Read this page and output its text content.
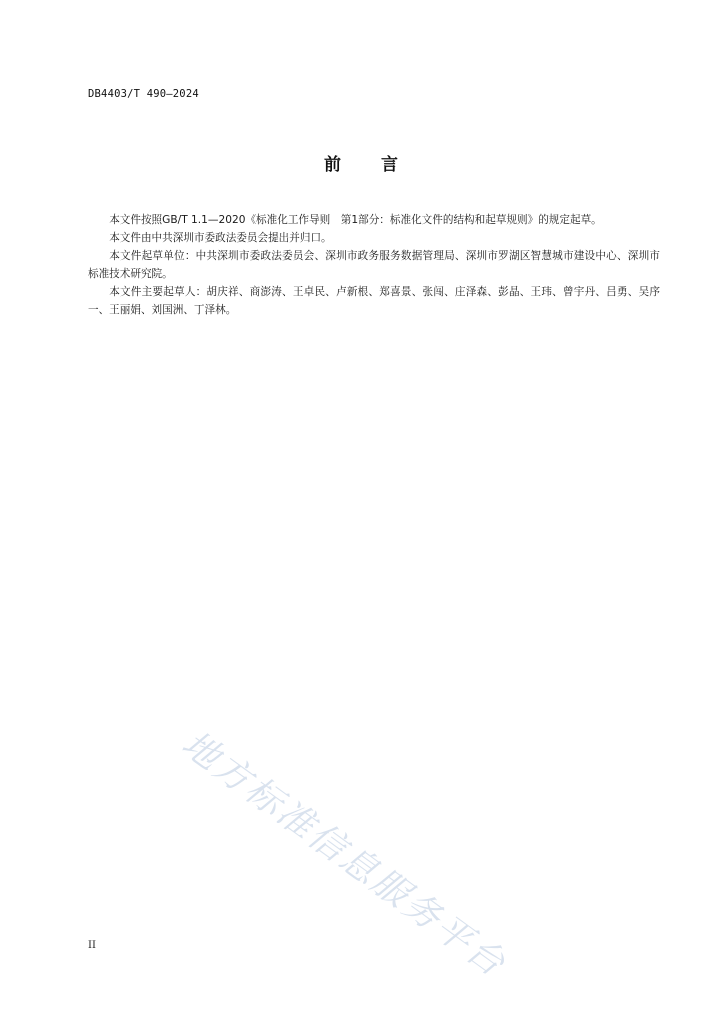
DB4403/T 490—2024
前　　言

本文件按照GB/T 1.1—2020《标准化工作导则　第1部分：标准化文件的结构和起草规则》的规定起草。

本文件由中共深圳市委政法委员会提出并归口。

本文件起草单位：中共深圳市委政法委员会、深圳市政务服务数据管理局、深圳市罗湖区智慧城市建设中心、深圳市标准技术研究院。

本文件主要起草人：胡庆祥、商澎涛、王卓民、卢新根、郑喜景、张闯、庄泽森、彭晶、王玮、曾宇丹、吕勇、吴序一、王丽娟、刘国洲、丁泽林。

地方标准信息服务平台
II
